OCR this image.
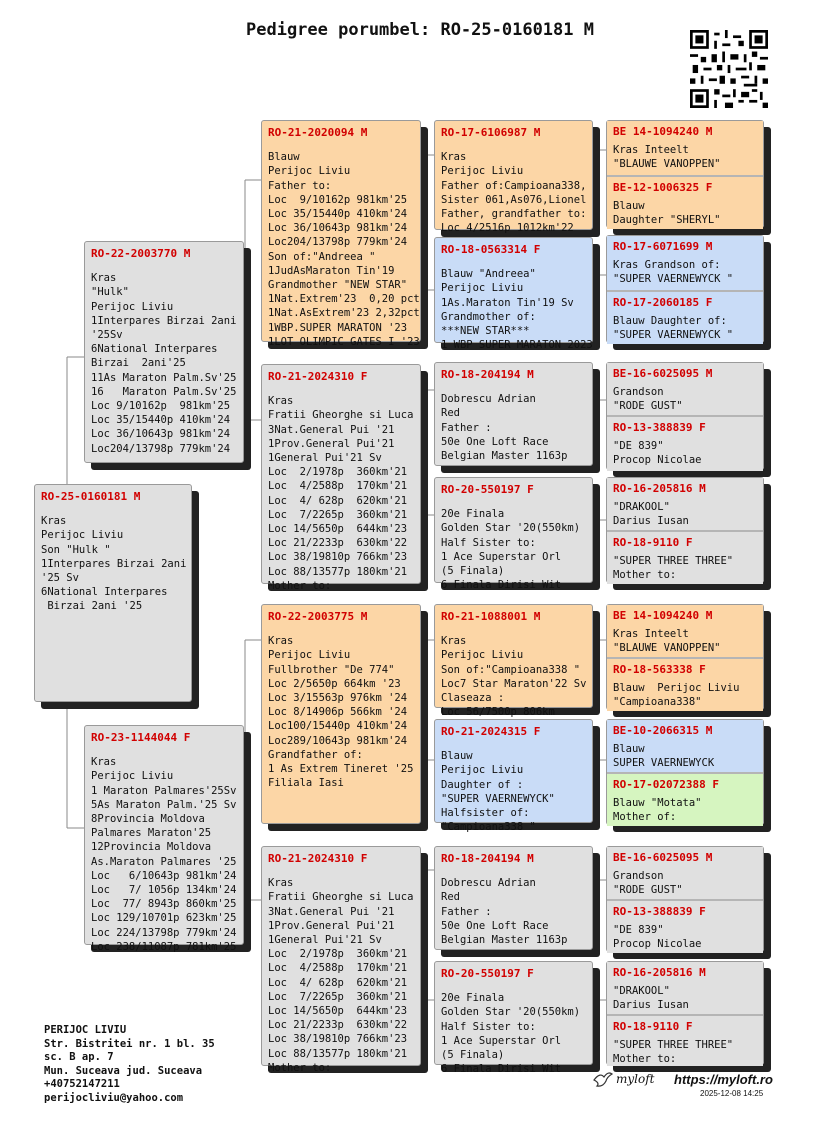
Pedigree porumbel: RO-25-0160181 M
RO-25-0160181 M
Kras
Perijoc Liviu
Son "Hulk "
1Interpares Birzai 2ani
'25 Sv
6National Interpares
Birzai 2ani '25
RO-22-2003770 M
Kras
"Hulk"
Perijoc Liviu
1Interpares Birzai 2ani
'25Sv
6National Interpares
Birzai  2ani'25
11As Maraton Palm.Sv'25
16   Maraton Palm.Sv'25
Loc 9/10162p  981km'25
Loc 35/15440p 410km'24
Loc 36/10643p 981km'24
Loc204/13798p 779km'24
RO-23-1144044 F
Kras
Perijoc Liviu
1 Maraton Palmares'25Sv
5As Maraton Palm.'25 Sv
8Provincia Moldova
Palmares Maraton'25
12Provincia Moldova
As.Maraton Palmares '25
Loc   6/10643p 981km'24
Loc   7/ 1056p 134km'24
Loc  77/ 8943p 860km'25
Loc 129/10701p 623km'25
Loc 224/13798p 779km'24
Loc 238/11087p 781km'25
RO-21-2020094 M
Blauw
Perijoc Liviu
Father to:
Loc  9/10162p 981km'25
Loc 35/15440p 410km'24
Loc 36/10643p 981km'24
Loc204/13798p 779km'24
Son of:"Andreea "
1JudAsMaraton Tin'19
Grandmother "NEW STAR"
1Nat.Extrem'23  0,20 pct
1Nat.AsExtrem'23 2,32pct
1WBP.SUPER MARATON '23
1LOT OLIMPIC GATES I '23
RO-21-2024310 F
Kras
Fratii Gheorghe si Luca
3Nat.General Pui '21
1Prov.General Pui'21
1General Pui'21 Sv
Loc  2/1978p  360km'21
Loc  4/2588p  170km'21
Loc  4/ 628p  620km'21
Loc  7/2265p  360km'21
Loc 14/5650p  644km'23
Loc 21/2233p  630km'22
Loc 38/19810p 766km'23
Loc 88/13577p 180km'21
Mother to:
RO-22-2003775 M
Kras
Perijoc Liviu
Fullbrother "De 774"
Loc 2/5650p 664km '23
Loc 3/15563p 976km '24
Loc 8/14906p 566km '24
Loc100/15440p 410km'24
Loc289/10643p 981km'24
Grandfather of:
1 As Extrem Tineret '25
Filiala Iasi
RO-21-2024310 F
Kras
Fratii Gheorghe si Luca
3Nat.General Pui '21
1Prov.General Pui'21
1General Pui'21 Sv
Loc  2/1978p  360km'21
Loc  4/2588p  170km'21
Loc  4/ 628p  620km'21
Loc  7/2265p  360km'21
Loc 14/5650p  644km'23
Loc 21/2233p  630km'22
Loc 38/19810p 766km'23
Loc 88/13577p 180km'21
Mother to:
RO-17-6106987 M
Kras
Perijoc Liviu
Father of:Campioana338,
Sister 061,As076,Lionel
Father, grandfather to:
Loc 4/2516p 1012km'22
RO-18-0563314 F
Blauw "Andreea"
Perijoc Liviu
1As.Maraton Tin'19 Sv
Grandmother of:
***NEW STAR***
1 WBP SUPER MARATON 2023
RO-18-204194 M
Dobrescu Adrian
Red
Father :
50e One Loft Race
Belgian Master 1163p

RO-20-550197 F
20e Finala
Golden Star '20(550km)
Half Sister to:
1 Ace Superstar Orl
(5 Finala)
6 Finala Dirisi Wit
RO-21-1088001 M
Kras
Perijoc Liviu
Son of:"Campioana338 "
Loc7 Star Maraton'22 Sv
Claseaza :
Loc 56/7500p 806km
RO-21-2024315 F
Blauw
Perijoc Liviu
Daughter of :
"SUPER VAERNEWYCK"
Halfsister of:
"Campioana338 "
RO-18-204194 M
Dobrescu Adrian
Red
Father :
50e One Loft Race
Belgian Master 1163p

RO-20-550197 F
20e Finala
Golden Star '20(550km)
Half Sister to:
1 Ace Superstar Orl
(5 Finala)
6 Finala Dirisi Wit
BE 14-1094240 M
Kras Inteelt
"BLAUWE VANOPPEN"
BE-12-1006325 F
Blauw
Daughter "SHERYL"
RO-17-6071699 M
Kras Grandson of:
"SUPER VAERNEWYCK "
RO-17-2060185 F
Blauw Daughter of:
"SUPER VAERNEWYCK "
BE-16-6025095 M
Grandson
"RODE GUST"
RO-13-388839 F
"DE 839"
Procop Nicolae
RO-16-205816 M
"DRAKOOL"
Darius Iusan
RO-18-9110 F
"SUPER THREE THREE"
Mother to:
BE 14-1094240 M
Kras Inteelt
"BLAUWE VANOPPEN"
RO-18-563338 F
Blauw  Perijoc Liviu
"Campioana338"
BE-10-2066315 M
Blauw
SUPER VAERNEWYCK
RO-17-02072388 F
Blauw "Motata"
Mother of:
BE-16-6025095 M
Grandson
"RODE GUST"
RO-13-388839 F
"DE 839"
Procop Nicolae
RO-16-205816 M
"DRAKOOL"
Darius Iusan
RO-18-9110 F
"SUPER THREE THREE"
Mother to:
PERIJOC LIVIU
Str. Bistritei nr. 1 bl. 35
sc. B ap. 7
Mun. Suceava jud. Suceava
+40752147211
perijocliviu@yahoo.com
myloft https://myloft.ro
2025-12-08 14:25
